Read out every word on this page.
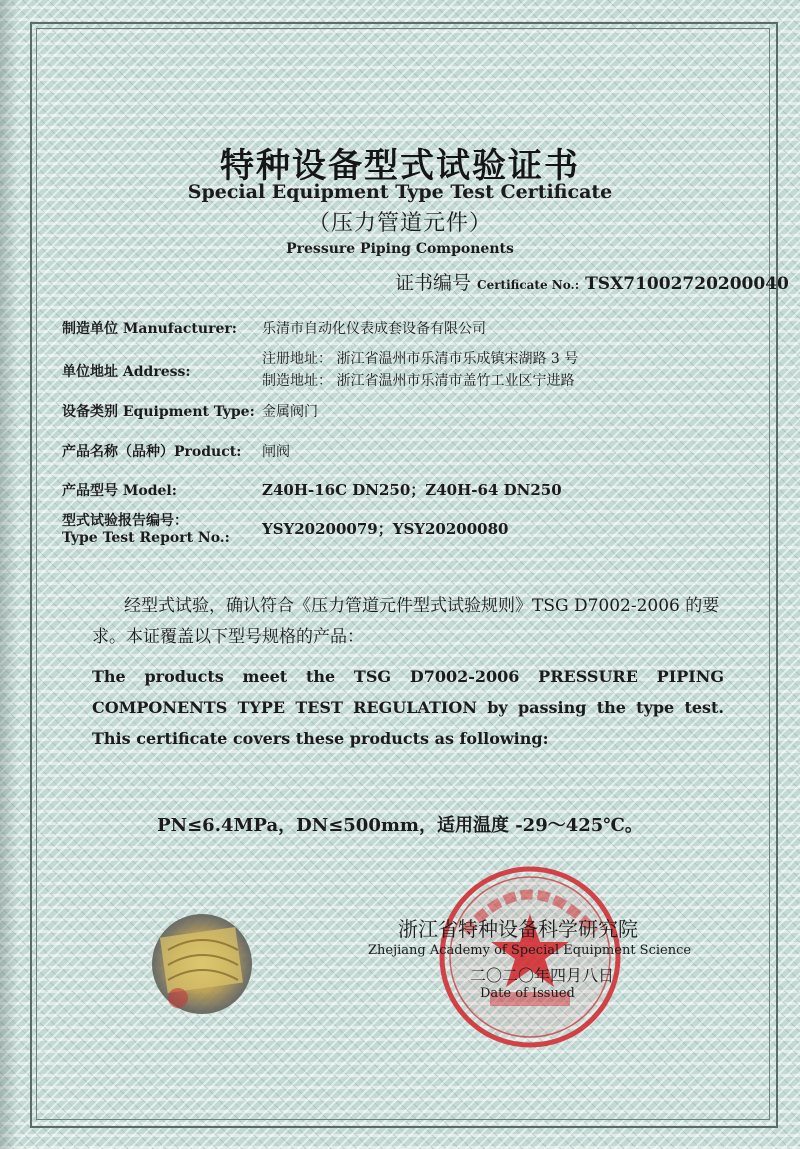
特种设备型式试验证书
Special Equipment Type Test Certificate
（压力管道元件）
Pressure Piping Components
证书编号 Certificate No.: TSX71002720200040
制造单位 Manufacturer: 乐清市自动化仪表成套设备有限公司
单位地址 Address:
注册地址： 浙江省温州市乐清市乐成镇宋湖路 3 号
制造地址： 浙江省温州市乐清市盖竹工业区宁进路
设备类别 Equipment Type: 金属阀门
产品名称（品种）Product: 闸阀
产品型号 Model:	Z40H-16C DN250；Z40H-64 DN250
型式试验报告编号：
Type Test Report No.: YSY20200079；YSY20200080
经型式试验，确认符合《压力管道元件型式试验规则》TSG D7002-2006 的要求。本证覆盖以下型号规格的产品：
The products meet the TSG D7002-2006 PRESSURE PIPING COMPONENTS TYPE TEST REGULATION by passing the type test. This certificate covers these products as following:
PN≤6.4MPa，DN≤500mm，适用温度 -29～425℃。
浙江省特种设备科学研究院
Zhejiang Academy of Special Equipment Science
二〇二〇年四月八日
Date of Issued
